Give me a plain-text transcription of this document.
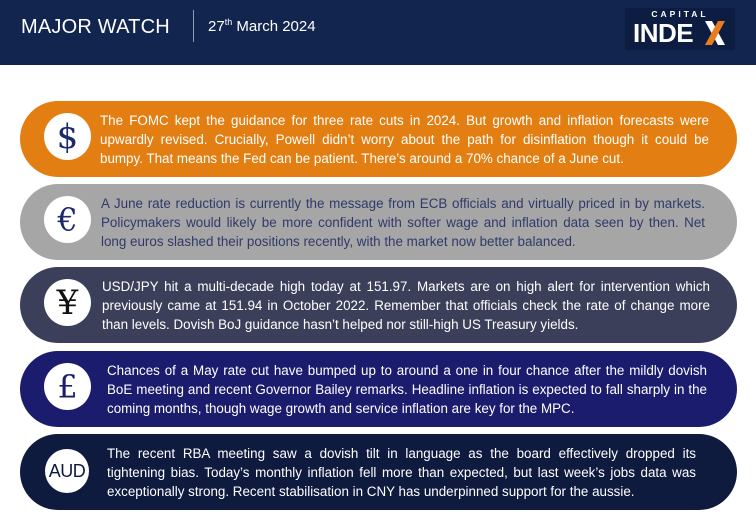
MAJOR WATCH	27th March 2024
CAPITAL
INDE
$	The FOMC kept the guidance for three rate cuts in 2024. But growth and inflation forecasts were upwardly revised. Crucially, Powell didn’t worry about the path for disinflation though it could be bumpy. That means the Fed can be patient. There’s around a 70% chance of a June cut.
€	A June rate reduction is currently the message from ECB officials and virtually priced in by markets. Policymakers would likely be more confident with softer wage and inflation data seen by then. Net long euros slashed their positions recently, with the market now better balanced.
¥	USD/JPY hit a multi-decade high today at 151.97. Markets are on high alert for intervention which previously came at 151.94 in October 2022. Remember that officials check the rate of change more than levels. Dovish BoJ guidance hasn’t helped nor still-high US Treasury yields.
£	Chances of a May rate cut have bumped up to around a one in four chance after the mildly dovish BoE meeting and recent Governor Bailey remarks. Headline inflation is expected to fall sharply in the coming months, though wage growth and service inflation are key for the MPC.
AUD
The recent RBA meeting saw a dovish tilt in language as the board effectively dropped its tightening bias. Today’s monthly inflation fell more than expected, but last week’s jobs data was exceptionally strong. Recent stabilisation in CNY has underpinned support for the aussie.
